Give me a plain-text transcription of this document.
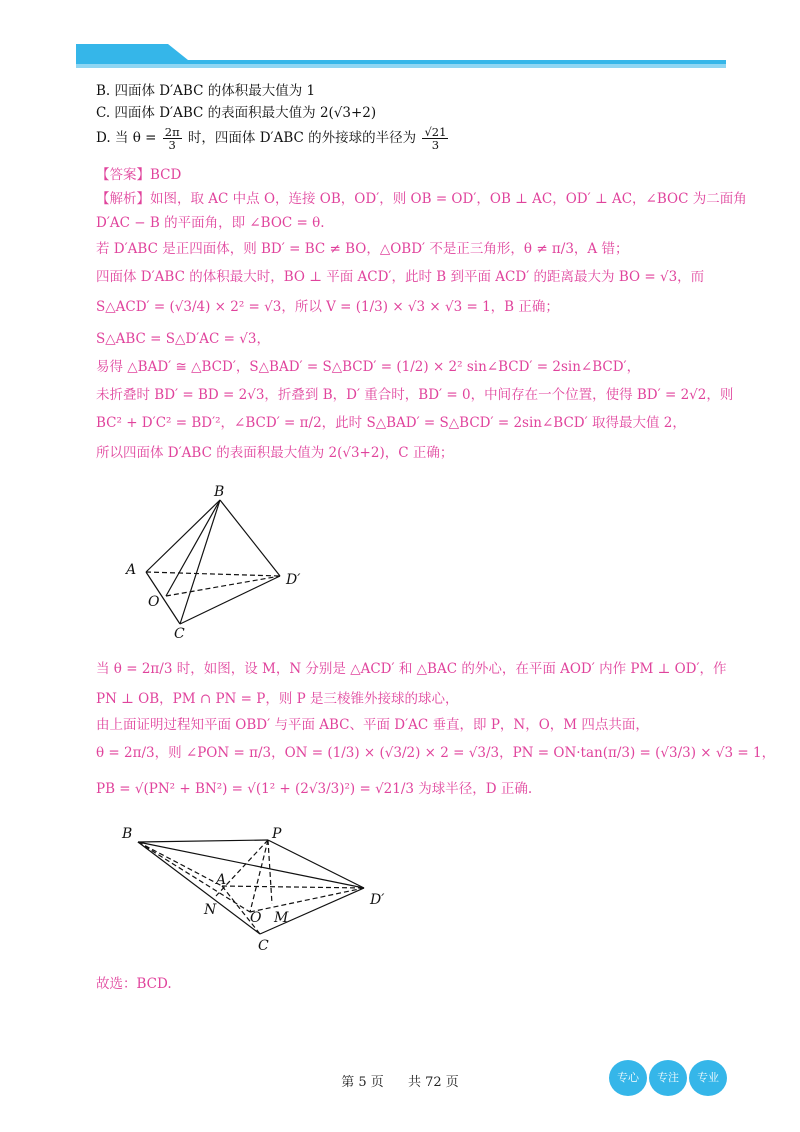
B. 四面体 D′ABC 的体积最大值为 1
C. 四面体 D′ABC 的表面积最大值为 2(√3+2)
D. 当 $\theta = \frac{2\pi}{3}$ 时，四面体 D′ABC 的外接球的半径为 $\frac{√21}{3}$
【答案】BCD
【解析】如图，取 AC 中点 O，连接 OB，OD′，则 OB = OD′，OB ⊥ AC，OD′ ⊥ AC，∠BOC 为二面角
D′AC − B 的平面角，即 ∠BOC = θ.
若 D′ABC 是正四面体，则 BD′ = BC ≠ BO，△OBD′ 不是正三角形，θ ≠ π/3，A 错；
四面体 D′ABC 的体积最大时，BO ⊥ 平面 ACD′，此时 B 到平面 ACD′ 的距离最大为 BO = √3，而
S△ACD′ = (√3/4) × 2² = √3，所以 V = (1/3) × √3 × √3 = 1，B 正确；
S△ABC = S△D′AC = √3，
易得 △BAD′ ≅ △BCD′，S△BAD′ = S△BCD′ = (1/2) × 2² sin∠BCD′ = 2sin∠BCD′，
未折叠时 BD′ = BD = 2√3，折叠到 B，D′ 重合时，BD′ = 0，中间存在一个位置，使得 BD′ = 2√2，则
BC² + D′C² = BD′²，∠BCD′ = π/2，此时 S△BAD′ = S△BCD′ = 2sin∠BCD′ 取得最大值 2，
所以四面体 D′ABC 的表面积最大值为 2(√3+2)，C 正确；
B
A
D′
O
C
当 θ = 2π/3 时，如图，设 M，N 分别是 △ACD′ 和 △BAC 的外心，在平面 AOD′ 内作 PM ⊥ OD′，作
PN ⊥ OB，PM ∩ PN = P，则 P 是三棱锥外接球的球心，
由上面证明过程知平面 OBD′ 与平面 ABC、平面 D′AC 垂直，即 P，N，O，M 四点共面，
θ = 2π/3，则 ∠PON = π/3，ON = (1/3) × (√3/2) × 2 = √3/3，PN = ON·tan(π/3) = (√3/3) × √3 = 1，
PB = √(PN² + BN²) = √(1² + (2√3/3)²) = √21/3 为球半径，D 正确.
B	P
A
N O M
D′
C
故选：BCD.
第 5 页 共 72 页	专心	专注	专业
